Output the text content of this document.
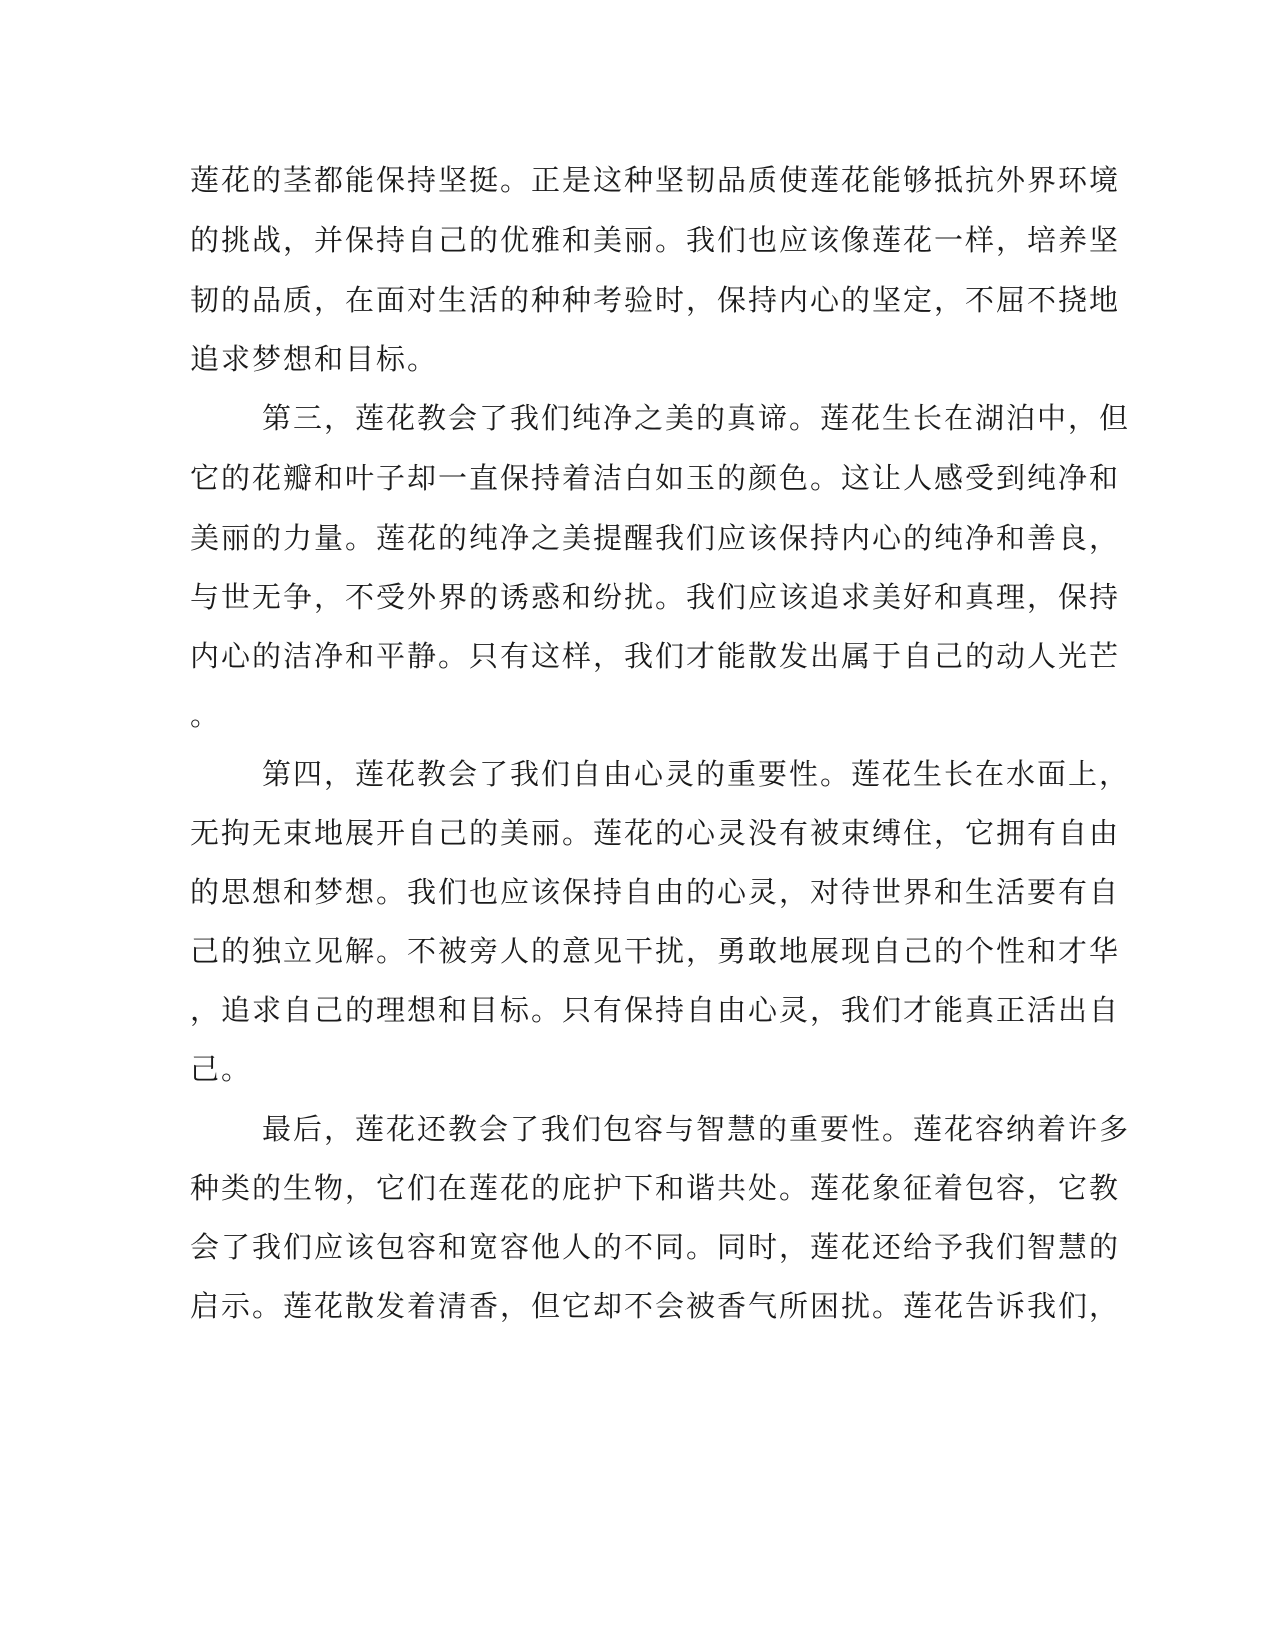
莲花的茎都能保持坚挺。正是这种坚韧品质使莲花能够抵抗外界环境
的挑战，并保持自己的优雅和美丽。我们也应该像莲花一样，培养坚
韧的品质，在面对生活的种种考验时，保持内心的坚定，不屈不挠地
追求梦想和目标。
第三，莲花教会了我们纯净之美的真谛。莲花生长在湖泊中，但
它的花瓣和叶子却一直保持着洁白如玉的颜色。这让人感受到纯净和
美丽的力量。莲花的纯净之美提醒我们应该保持内心的纯净和善良，
与世无争，不受外界的诱惑和纷扰。我们应该追求美好和真理，保持
内心的洁净和平静。只有这样，我们才能散发出属于自己的动人光芒
。
第四，莲花教会了我们自由心灵的重要性。莲花生长在水面上，
无拘无束地展开自己的美丽。莲花的心灵没有被束缚住，它拥有自由
的思想和梦想。我们也应该保持自由的心灵，对待世界和生活要有自
己的独立见解。不被旁人的意见干扰，勇敢地展现自己的个性和才华
，追求自己的理想和目标。只有保持自由心灵，我们才能真正活出自
己。
最后，莲花还教会了我们包容与智慧的重要性。莲花容纳着许多
种类的生物，它们在莲花的庇护下和谐共处。莲花象征着包容，它教
会了我们应该包容和宽容他人的不同。同时，莲花还给予我们智慧的
启示。莲花散发着清香，但它却不会被香气所困扰。莲花告诉我们，
